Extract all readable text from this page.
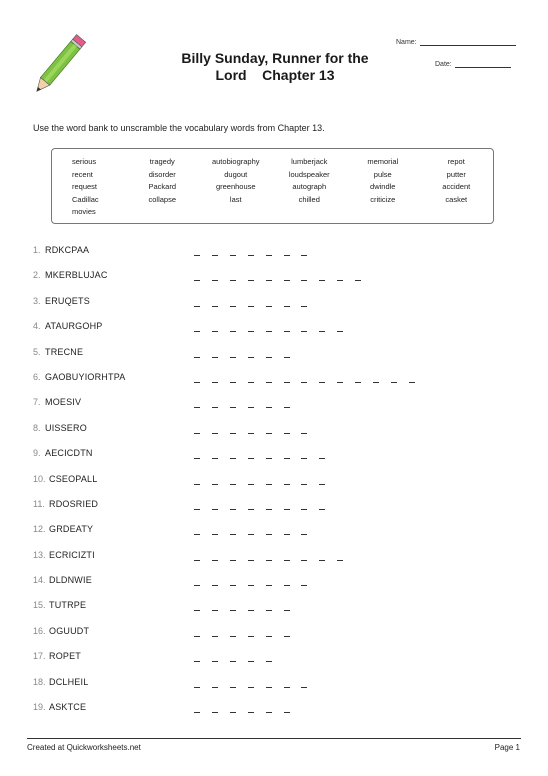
Billy Sunday, Runner for the
Lord    Chapter 13
Name:
Date:
Use the word bank to unscramble the vocabulary words from Chapter 13.
serious	tragedy	autobiography	lumberjack	memorial	repot
recent	disorder	dugout	loudspeaker	pulse	putter
request	Packard	greenhouse	autograph	dwindle	accident
Cadillac	collapse	last	chilled	criticize	casket
movies
1. RDKCPAA
2. MKERBLUJAC
3. ERUQETS
4. ATAURGOHP
5. TRECNE
6. GAOBUYIORHTPA
7. MOESIV
8. UISSERO
9. AECICDTN
10. CSEOPALL
11. RDOSRIED
12. GRDEATY
13. ECRICIZTI
14. DLDNWIE
15. TUTRPE
16. OGUUDT
17. ROPET
18. DCLHEIL
19. ASKTCE
Created at Quickworksheets.net	Page 1
